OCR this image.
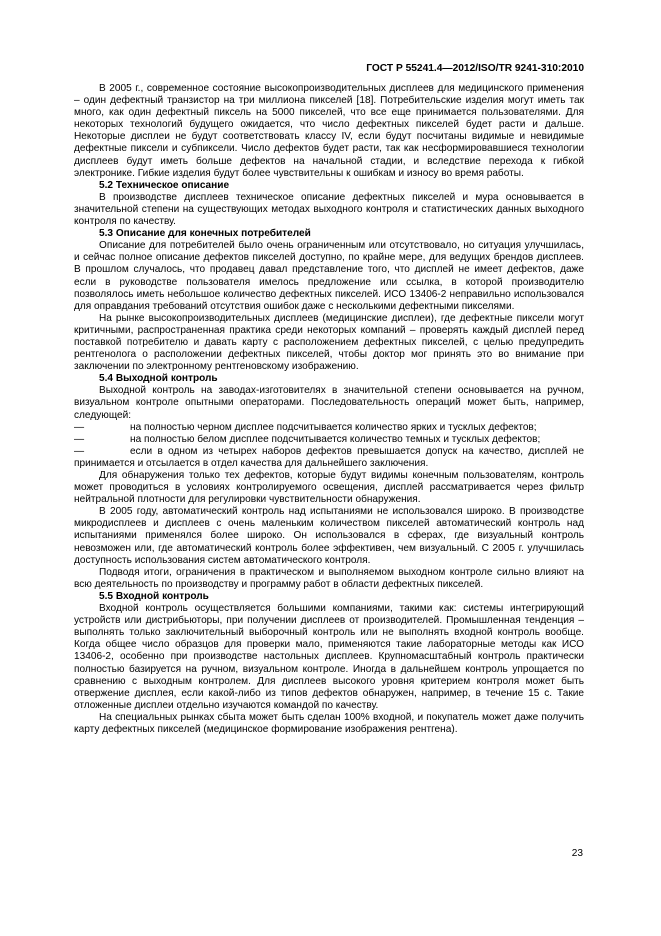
ГОСТ Р 55241.4—2012/ISO/TR 9241-310:2010

В 2005 г., современное состояние высокопроизводительных дисплеев для медицинского применения – один дефектный транзистор на три миллиона пикселей [18]. Потребительские изделия могут иметь так много, как один дефектный пиксель на 5000 пикселей, что все еще принимается пользователями. Для некоторых технологий будущего ожидается, что число дефектных пикселей будет расти и дальше. Некоторые дисплеи не будут соответствовать классу IV, если будут посчитаны видимые и невидимые дефектные пиксели и субпиксели. Число дефектов будет расти, так как несформировавшиеся технологии дисплеев будут иметь больше дефектов на начальной стадии, и вследствие перехода к гибкой электронике. Гибкие изделия будут более чувствительны к ошибкам и износу во время работы.

5.2 Техническое описание

В производстве дисплеев техническое описание дефектных пикселей и мура основывается в значительной степени на существующих методах выходного контроля и статистических данных выходного контроля по качеству.

5.3 Описание для конечных потребителей

Описание для потребителей было очень ограниченным или отсутствовало, но ситуация улучшилась, и сейчас полное описание дефектов пикселей доступно, по крайне мере, для ведущих брендов дисплеев. В прошлом случалось, что продавец давал представление того, что дисплей не имеет дефектов, даже если в руководстве пользователя имелось предложение или ссылка, в которой производителю позволялось иметь небольшое количество дефектных пикселей. ИСО 13406-2 неправильно использовался для оправдания требований отсутствия ошибок даже с несколькими дефектными пикселями.

На рынке высокопроизводительных дисплеев (медицинские дисплеи), где дефектные пиксели могут критичными, распространенная практика среди некоторых компаний – проверять каждый дисплей перед поставкой потребителю и давать карту с расположением дефектных пикселей, с целью предупредить рентгенолога о расположении дефектных пикселей, чтобы доктор мог принять это во внимание при заключении по электронному рентгеновскому изображению.

5.4 Выходной контроль

Выходной контроль на заводах-изготовителях в значительной степени основывается на ручном, визуальном контроле опытными операторами. Последовательность операций может быть, например, следующей:

—	на полностью черном дисплее подсчитывается количество ярких и тусклых дефектов;
—	на полностью белом дисплее подсчитывается количество темных и тусклых дефектов;
—	если в одном из четырех наборов дефектов превышается допуск на качество, дисплей не принимается и отсылается в отдел качества для дальнейшего заключения.

Для обнаружения только тех дефектов, которые будут видимы конечным пользователям, контроль может проводиться в условиях контролируемого освещения, дисплей рассматривается через фильтр нейтральной плотности для регулировки чувствительности обнаружения.

В 2005 году, автоматический контроль над испытаниями не использовался широко. В производстве микродисплеев и дисплеев с очень маленьким количеством пикселей автоматический контроль над испытаниями применялся более широко. Он использовался в сферах, где визуальный контроль невозможен или, где автоматический контроль более эффективен, чем визуальный. С 2005 г. улучшилась доступность использования систем автоматического контроля.

Подводя итоги, ограничения в практическом и выполняемом выходном контроле сильно влияют на всю деятельность по производству и программу работ в области дефектных пикселей.

5.5 Входной контроль

Входной контроль осуществляется большими компаниями, такими как: системы интегрирующий устройств или дистрибьюторы, при получении дисплеев от производителей. Промышленная тенденция – выполнять только заключительный выборочный контроль или не выполнять входной контроль вообще. Когда общее число образцов для проверки мало, применяются такие лабораторные методы как ИСО 13406-2, особенно при производстве настольных дисплеев. Крупномасштабный контроль практически полностью базируется на ручном, визуальном контроле. Иногда в дальнейшем контроль упрощается по сравнению с выходным контролем. Для дисплеев высокого уровня критерием контроля может быть отвержение дисплея, если какой-либо из типов дефектов обнаружен, например, в течение 15 с. Такие отложенные дисплеи отдельно изучаются командой по качеству.

На специальных рынках сбыта может быть сделан 100% входной, и покупатель может даже получить карту дефектных пикселей (медицинское формирование изображения рентгена).

23
